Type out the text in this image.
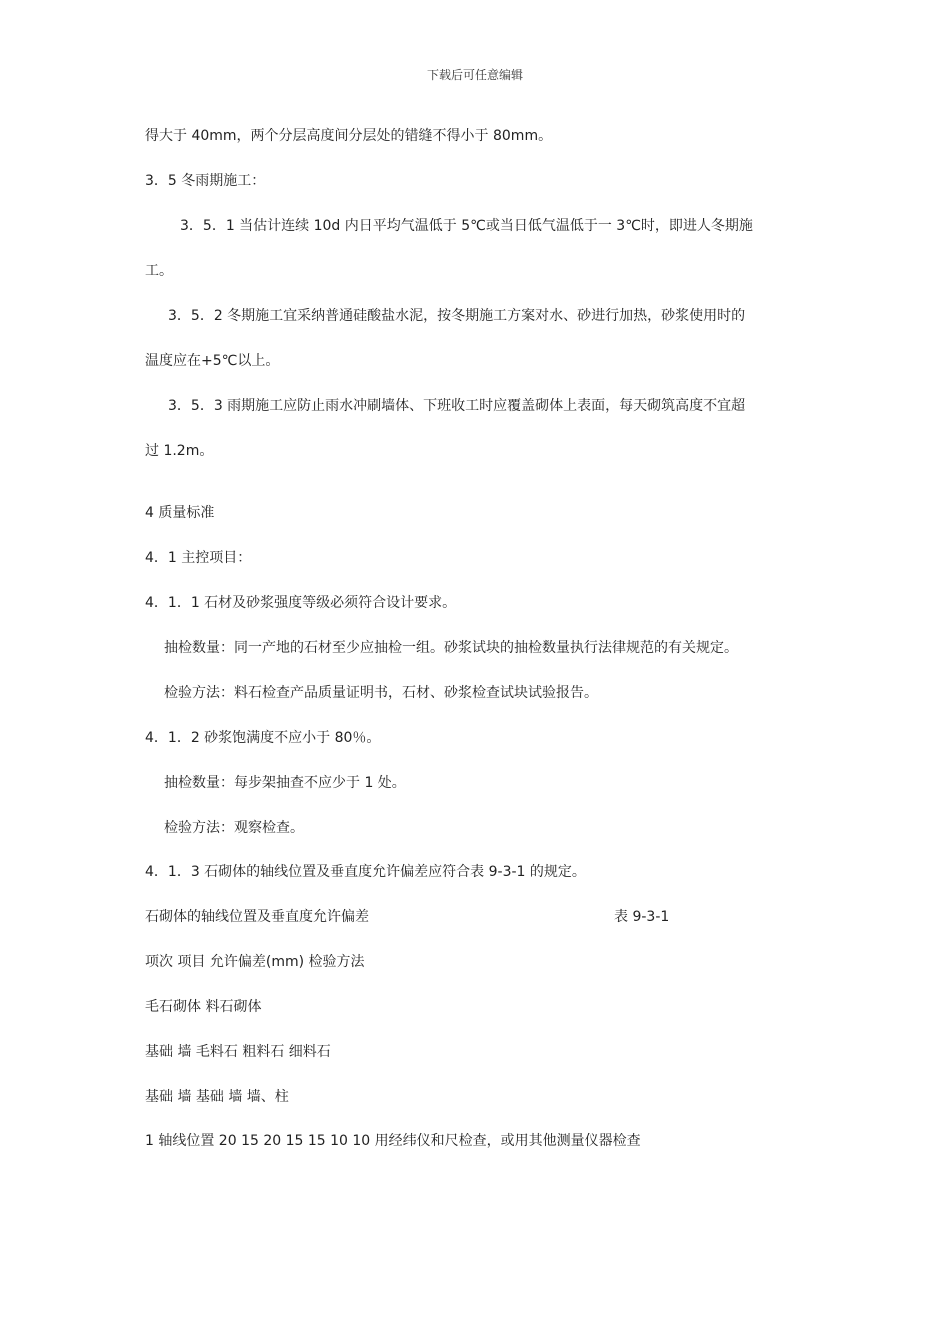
下载后可任意编辑
得大于 40mm，两个分层高度间分层处的错缝不得小于 80mm。
3．5 冬雨期施工：
3．5．1 当估计连续 10d 内日平均气温低于 5℃或当日低气温低于一 3℃时，即进人冬期施
工。
3．5．2 冬期施工宜采纳普通硅酸盐水泥，按冬期施工方案对水、砂进行加热，砂浆使用时的
温度应在+5℃以上。
3．5．3 雨期施工应防止雨水冲刷墙体、下班收工时应覆盖砌体上表面，每天砌筑高度不宜超
过 1.2m。
4 质量标准
4．1 主控项目：
4．1．1 石材及砂浆强度等级必须符合设计要求。
抽检数量：同一产地的石材至少应抽检一组。砂浆试块的抽检数量执行法律规范的有关规定。
检验方法：料石检查产品质量证明书，石材、砂浆检查试块试验报告。
4．1．2 砂浆饱满度不应小于 80％。
抽检数量：每步架抽查不应少于 1 处。
检验方法：观察检查。
4．1．3 石砌体的轴线位置及垂直度允许偏差应符合表 9-3-1 的规定。
石砌体的轴线位置及垂直度允许偏差	表 9-3-1
项次 项目 允许偏差(mm) 检验方法
毛石砌体 料石砌体
基础 墙 毛料石 粗料石 细料石
基础 墙 基础 墙 墙、柱
1 轴线位置 20 15 20 15 15 10 10 用经纬仪和尺检查，或用其他测量仪器检查
